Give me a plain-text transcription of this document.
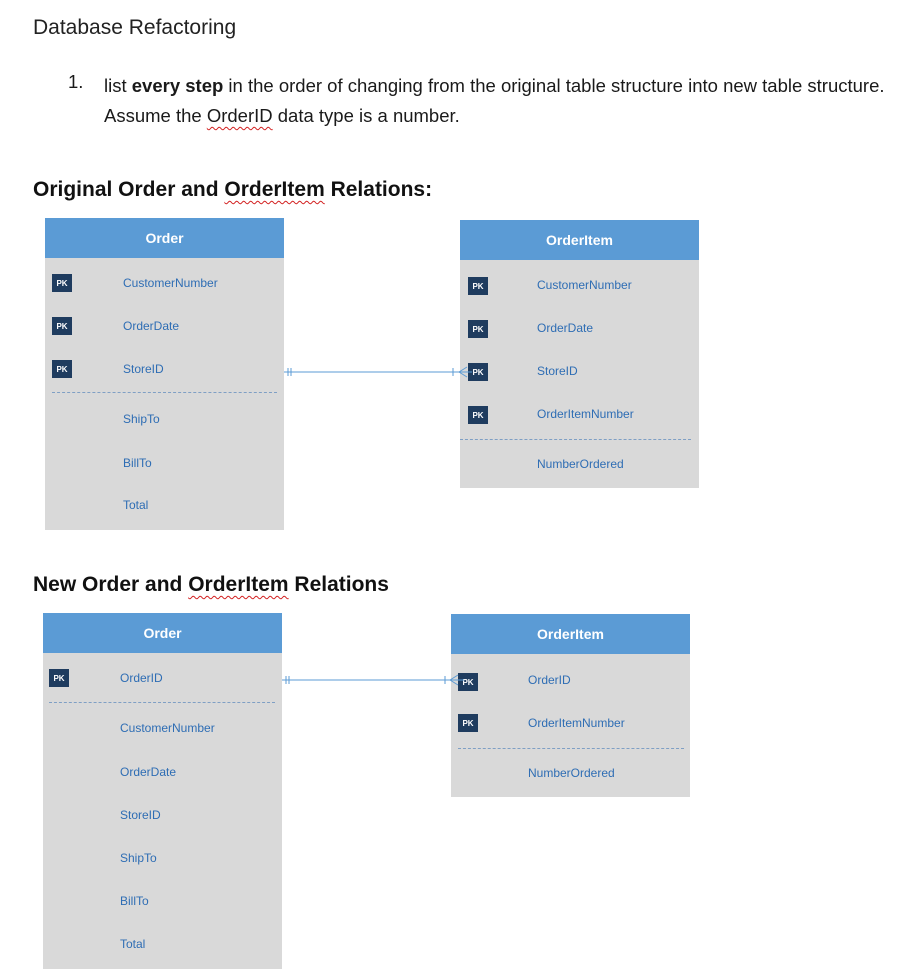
Database Refactoring
1. list every step in the order of changing from the original table structure into new table structure. Assume the OrderID data type is a number.
Original Order and OrderItem Relations:
Order
PK	CustomerNumber
PK	OrderDate
PK	StoreID
ShipTo
BillTo
Total
OrderItem
PK	CustomerNumber
PK	OrderDate
PK	StoreID
PK	OrderItemNumber
NumberOrdered
New Order and OrderItem Relations
Order
PK	OrderID
CustomerNumber
OrderDate
StoreID
ShipTo
BillTo
Total
OrderItem
PK	OrderID
PK	OrderItemNumber
NumberOrdered
